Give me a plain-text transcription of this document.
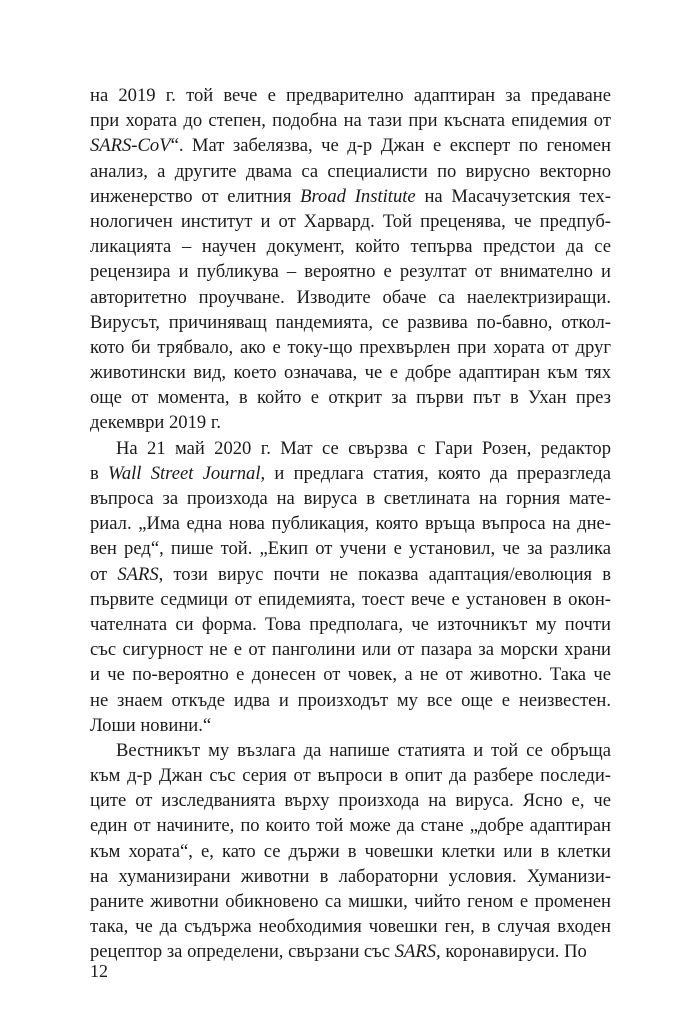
на 2019 г. той вече е предварително адаптиран за предаване
при хората до степен, подобна на тази при късната епидемия от
SARS-CoV“. Мат забелязва, че д-р Джан е експерт по геномен
анализ, а другите двама са специалисти по вирусно векторно
инженерство от елитния Broad Institute на Масачузетския тех-
нологичен институт и от Харвард. Той преценява, че предпуб-
ликацията – научен документ, който тепърва предстои да се
рецензира и публикува – вероятно е резултат от внимателно и
авторитетно проучване. Изводите обаче са наелектризиращи.
Вирусът, причиняващ пандемията, се развива по-бавно, откол-
кото би трябвало, ако е току-що прехвърлен при хората от друг
животински вид, което означава, че е добре адаптиран към тях
още от момента, в който е открит за първи път в Ухан през
декември 2019 г.
На 21 май 2020 г. Мат се свързва с Гари Розен, редактор
в Wall Street Journal, и предлага статия, която да преразгледа
въпроса за произхода на вируса в светлината на горния мате-
риал. „Има една нова публикация, която връща въпроса на дне-
вен ред“, пише той. „Екип от учени е установил, че за разлика
от SARS, този вирус почти не показва адаптация/еволюция в
първите седмици от епидемията, тоест вече е установен в окон-
чателната си форма. Това предполага, че източникът му почти
със сигурност не е от панголини или от пазара за морски храни
и че по-вероятно е донесен от човек, а не от животно. Така че
не знаем откъде идва и произходът му все още е неизвестен.
Лоши новини.“
Вестникът му възлага да напише статията и той се обръща
към д-р Джан със серия от въпроси в опит да разбере последи-
ците от изследванията върху произхода на вируса. Ясно е, че
един от начините, по които той може да стане „добре адаптиран
към хората“, е, като се държи в човешки клетки или в клетки
на хуманизирани животни в лабораторни условия. Хуманизи-
раните животни обикновено са мишки, чийто геном е променен
така, че да съдържа необходимия човешки ген, в случая входен
рецептор за определени, свързани със SARS, коронавируси. По
12
